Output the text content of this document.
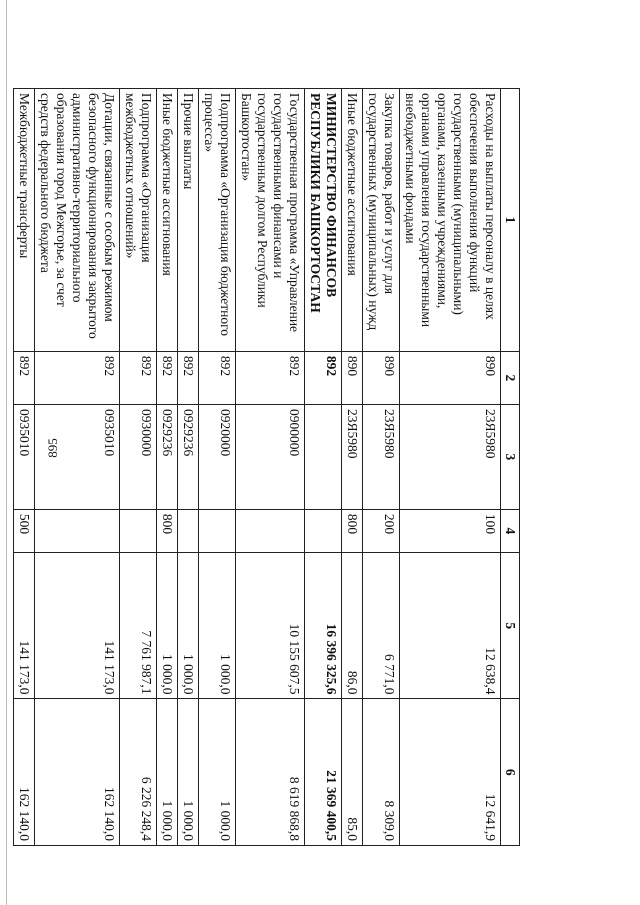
895
1	2	3	4	5	6
Расходы на выплаты персоналу в целях обеспечения выполнения функций государственными (муниципальными) органами, казенными учреждениями, органами управления государственными внебюджетными фондами	890	23Я5980	100	12 638,4	12 641,9
Закупка товаров, работ и услуг для государственных (муниципальных) нужд	890	23Я5980	200	6 771,0	8 309,0
Иные бюджетные ассигнования	890	23Я5980	800	86,0	85,0
МИНИСТЕРСТВО ФИНАНСОВ РЕСПУБЛИКИ БАШКОРТОСТАН	892			16 396 325,6	21 369 400,5
Государственная программа «Управление государственными финансами и государственным долгом Республики Башкортостан»	892	0900000		10 155 607,5	8 619 868,8
Подпрограмма «Организация бюджетного процесса»	892	0920000		1 000,0	1 000,0
Прочие выплаты	892	0929236		1 000,0	1 000,0
Иные бюджетные ассигнования	892	0929236	800	1 000,0	1 000,0
Подпрограмма «Организация межбюджетных отношений»	892	0930000		7 761 987,1	6 226 248,4
Дотации, связанные с особым режимом безопасного функционирования закрытого административно-территориального образования город Межгорье, за счет средств федерального бюджета	892	0935010		141 173,0	162 140,0
Межбюджетные трансферты	892	0935010	500	141 173,0	162 140,0
